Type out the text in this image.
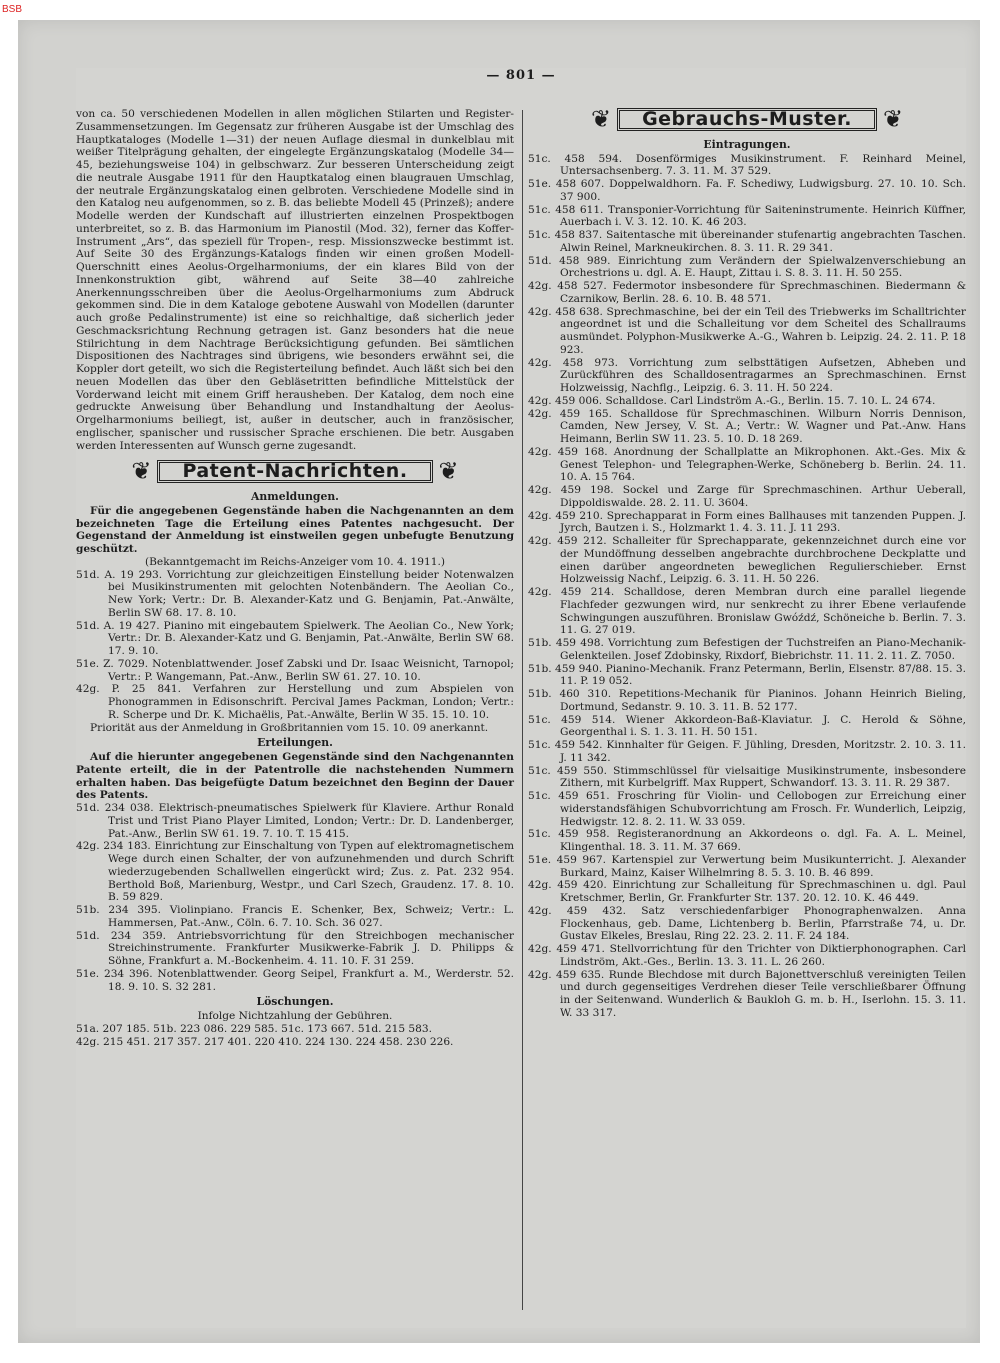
— 801 —

von ca. 50 verschiedenen Modellen in allen möglichen Stilarten und Register-Zusammensetzungen. Im Gegensatz zur früheren Ausgabe ist der Umschlag des Hauptkataloges (Modelle 1—31) der neuen Auflage diesmal in dunkelblau mit weißer Titelprägung gehalten, der eingelegte Ergänzungskatalog (Modelle 34—45, beziehungsweise 104) in gelbschwarz. Zur besseren Unterscheidung zeigt die neutrale Ausgabe 1911 für den Hauptkatalog einen blaugrauen Umschlag, der neutrale Ergänzungskatalog einen gelbroten. Verschiedene Modelle sind in den Katalog neu aufgenommen, so z. B. das beliebte Modell 45 (Prinzeß); andere Modelle werden der Kundschaft auf illustrierten einzelnen Prospektbogen unterbreitet, so z. B. das Harmonium im Pianostil (Mod. 32), ferner das Koffer-Instrument „Ars“, das speziell für Tropen-, resp. Missionszwecke bestimmt ist. Auf Seite 30 des Ergänzungs-Katalogs finden wir einen großen Modell-Querschnitt eines Aeolus-Orgelharmoniums, der ein klares Bild von der Innenkonstruktion gibt, während auf Seite 38—40 zahlreiche Anerkennungsschreiben über die Aeolus-Orgelharmoniums zum Abdruck gekommen sind. Die in dem Kataloge gebotene Auswahl von Modellen (darunter auch große Pedalinstrumente) ist eine so reichhaltige, daß sicherlich jeder Geschmacksrichtung Rechnung getragen ist. Ganz besonders hat die neue Stilrichtung in dem Nachtrage Berücksichtigung gefunden. Bei sämtlichen Dispositionen des Nachtrages sind übrigens, wie besonders erwähnt sei, die Koppler dort geteilt, wo sich die Registerteilung befindet. Auch läßt sich bei den neuen Modellen das über den Gebläsetritten befindliche Mittelstück der Vorderwand leicht mit einem Griff herausheben. Der Katalog, dem noch eine gedruckte Anweisung über Behandlung und Instandhaltung der Aeolus-Orgelharmoniums beiliegt, ist, außer in deutscher, auch in französischer, englischer, spanischer und russischer Sprache erschienen. Die betr. Ausgaben werden Interessenten auf Wunsch gerne zugesandt.

❦	Patent-Nachrichten.	❦
Anmeldungen.

Für die angegebenen Gegenstände haben die Nachgenannten an dem bezeichneten Tage die Erteilung eines Patentes nachgesucht. Der Gegenstand der Anmeldung ist einstweilen gegen unbefugte Benutzung geschützt.

(Bekanntgemacht im Reichs-Anzeiger vom 10. 4. 1911.)

51d. A. 19 293. Vorrichtung zur gleichzeitigen Einstellung beider Notenwalzen bei Musikinstrumenten mit gelochten Notenbändern. The Aeolian Co., New York; Vertr.: Dr. B. Alexander-Katz und G. Benjamin, Pat.-Anwälte, Berlin SW 68. 17. 8. 10.

51d. A. 19 427. Pianino mit eingebautem Spielwerk. The Aeolian Co., New York; Vertr.: Dr. B. Alexander-Katz und G. Benjamin, Pat.-Anwälte, Berlin SW 68. 17. 9. 10.

51e. Z. 7029. Notenblattwender. Josef Zabski und Dr. Isaac Weisnicht, Tarnopol; Vertr.: P. Wangemann, Pat.-Anw., Berlin SW 61. 27. 10. 10.

42g. P. 25 841. Verfahren zur Herstellung und zum Abspielen von Phonogrammen in Edisonschrift. Percival James Packman, London; Vertr.: R. Scherpe und Dr. K. Michaëlis, Pat.-Anwälte, Berlin W 35. 15. 10. 10.

Priorität aus der Anmeldung in Großbritannien vom 15. 10. 09 anerkannt.

Erteilungen.

Auf die hierunter angegebenen Gegenstände sind den Nachgenannten Patente erteilt, die in der Patentrolle die nachstehenden Nummern erhalten haben. Das beigefügte Datum bezeichnet den Beginn der Dauer des Patents.

51d. 234 038. Elektrisch-pneumatisches Spielwerk für Klaviere. Arthur Ronald Trist und Trist Piano Player Limited, London; Vertr.: Dr. D. Landenberger, Pat.-Anw., Berlin SW 61. 19. 7. 10. T. 15 415.

42g. 234 183. Einrichtung zur Einschaltung von Typen auf elektromagnetischem Wege durch einen Schalter, der von aufzunehmenden und durch Schrift wiederzugebenden Schallwellen eingerückt wird; Zus. z. Pat. 232 954. Berthold Boß, Marienburg, Westpr., und Carl Szech, Graudenz. 17. 8. 10. B. 59 829.

51b. 234 395. Violinpiano. Francis E. Schenker, Bex, Schweiz; Vertr.: L. Hammersen, Pat.-Anw., Cöln. 6. 7. 10. Sch. 36 027.

51d. 234 359. Antriebsvorrichtung für den Streichbogen mechanischer Streichinstrumente. Frankfurter Musikwerke-Fabrik J. D. Philipps & Söhne, Frankfurt a. M.-Bockenheim. 4. 11. 10. F. 31 259.

51e. 234 396. Notenblattwender. Georg Seipel, Frankfurt a. M., Werderstr. 52. 18. 9. 10. S. 32 281.

Löschungen.

Infolge Nichtzahlung der Gebühren.

51a. 207 185. 51b. 223 086. 229 585. 51c. 173 667. 51d. 215 583.

42g. 215 451. 217 357. 217 401. 220 410. 224 130. 224 458. 230 226.

❦	Gebrauchs-Muster.	❦
Eintragungen.

51c. 458 594. Dosenförmiges Musikinstrument. F. Reinhard Meinel, Untersachsenberg. 7. 3. 11. M. 37 529.

51e. 458 607. Doppelwaldhorn. Fa. F. Schediwy, Ludwigsburg. 27. 10. 10. Sch. 37 900.

51c. 458 611. Transponier-Vorrichtung für Saiteninstrumente. Heinrich Küffner, Auerbach i. V. 3. 12. 10. K. 46 203.

51c. 458 837. Saitentasche mit übereinander stufenartig angebrachten Taschen. Alwin Reinel, Markneukirchen. 8. 3. 11. R. 29 341.

51d. 458 989. Einrichtung zum Verändern der Spielwalzenverschiebung an Orchestrions u. dgl. A. E. Haupt, Zittau i. S. 8. 3. 11. H. 50 255.

42g. 458 527. Federmotor insbesondere für Sprechmaschinen. Biedermann & Czarnikow, Berlin. 28. 6. 10. B. 48 571.

42g. 458 638. Sprechmaschine, bei der ein Teil des Triebwerks im Schalltrichter angeordnet ist und die Schalleitung vor dem Scheitel des Schallraums ausmündet. Polyphon-Musikwerke A.-G., Wahren b. Leipzig. 24. 2. 11. P. 18 923.

42g. 458 973. Vorrichtung zum selbsttätigen Aufsetzen, Abheben und Zurückführen des Schalldosentragarmes an Sprechmaschinen. Ernst Holzweissig, Nachflg., Leipzig. 6. 3. 11. H. 50 224.

42g. 459 006. Schalldose. Carl Lindström A.-G., Berlin. 15. 7. 10. L. 24 674.

42g. 459 165. Schalldose für Sprechmaschinen. Wilburn Norris Dennison, Camden, New Jersey, V. St. A.; Vertr.: W. Wagner und Pat.-Anw. Hans Heimann, Berlin SW 11. 23. 5. 10. D. 18 269.

42g. 459 168. Anordnung der Schallplatte an Mikrophonen. Akt.-Ges. Mix & Genest Telephon- und Telegraphen-Werke, Schöneberg b. Berlin. 24. 11. 10. A. 15 764.

42g. 459 198. Sockel und Zarge für Sprechmaschinen. Arthur Ueberall, Dippoldiswalde. 28. 2. 11. U. 3604.

42g. 459 210. Sprechapparat in Form eines Ballhauses mit tanzenden Puppen. J. Jyrch, Bautzen i. S., Holzmarkt 1. 4. 3. 11. J. 11 293.

42g. 459 212. Schalleiter für Sprechapparate, gekennzeichnet durch eine vor der Mundöffnung desselben angebrachte durchbrochene Deckplatte und einen darüber angeordneten beweglichen Regulierschieber. Ernst Holzweissig Nachf., Leipzig. 6. 3. 11. H. 50 226.

42g. 459 214. Schalldose, deren Membran durch eine parallel liegende Flachfeder gezwungen wird, nur senkrecht zu ihrer Ebene verlaufende Schwingungen auszuführen. Bronislaw Gwóźdź, Schöneiche b. Berlin. 7. 3. 11. G. 27 019.

51b. 459 498. Vorrichtung zum Befestigen der Tuchstreifen an Piano-Mechanik-Gelenkteilen. Josef Zdobinsky, Rixdorf, Biebrichstr. 11. 11. 2. 11. Z. 7050.

51b. 459 940. Pianino-Mechanik. Franz Petermann, Berlin, Elsenstr. 87/88. 15. 3. 11. P. 19 052.

51b. 460 310. Repetitions-Mechanik für Pianinos. Johann Heinrich Bieling, Dortmund, Sedanstr. 9. 10. 3. 11. B. 52 177.

51c. 459 514. Wiener Akkordeon-Baß-Klaviatur. J. C. Herold & Söhne, Georgenthal i. S. 1. 3. 11. H. 50 151.

51c. 459 542. Kinnhalter für Geigen. F. Jühling, Dresden, Moritzstr. 2. 10. 3. 11. J. 11 342.

51c. 459 550. Stimmschlüssel für vielsaitige Musikinstrumente, insbesondere Zithern, mit Kurbelgriff. Max Ruppert, Schwandorf. 13. 3. 11. R. 29 387.

51c. 459 651. Froschring für Violin- und Cellobogen zur Erreichung einer widerstandsfähigen Schubvorrichtung am Frosch. Fr. Wunderlich, Leipzig, Hedwigstr. 12. 8. 2. 11. W. 33 059.

51c. 459 958. Registeranordnung an Akkordeons o. dgl. Fa. A. L. Meinel, Klingenthal. 18. 3. 11. M. 37 669.

51e. 459 967. Kartenspiel zur Verwertung beim Musikunterricht. J. Alexander Burkard, Mainz, Kaiser Wilhelmring 8. 5. 3. 10. B. 46 899.

42g. 459 420. Einrichtung zur Schalleitung für Sprechmaschinen u. dgl. Paul Kretschmer, Berlin, Gr. Frankfurter Str. 137. 20. 12. 10. K. 46 449.

42g. 459 432. Satz verschiedenfarbiger Phonographenwalzen. Anna Flockenhaus, geb. Dame, Lichtenberg b. Berlin, Pfarrstraße 74, u. Dr. Gustav Elkeles, Breslau, Ring 22. 23. 2. 11. F. 24 184.

42g. 459 471. Stellvorrichtung für den Trichter von Diktierphonographen. Carl Lindström, Akt.-Ges., Berlin. 13. 3. 11. L. 26 260.

42g. 459 635. Runde Blechdose mit durch Bajonettverschluß vereinigten Teilen und durch gegenseitiges Verdrehen dieser Teile verschließbarer Öffnung in der Seitenwand. Wunderlich & Baukloh G. m. b. H., Iserlohn. 15. 3. 11. W. 33 317.

BSB
